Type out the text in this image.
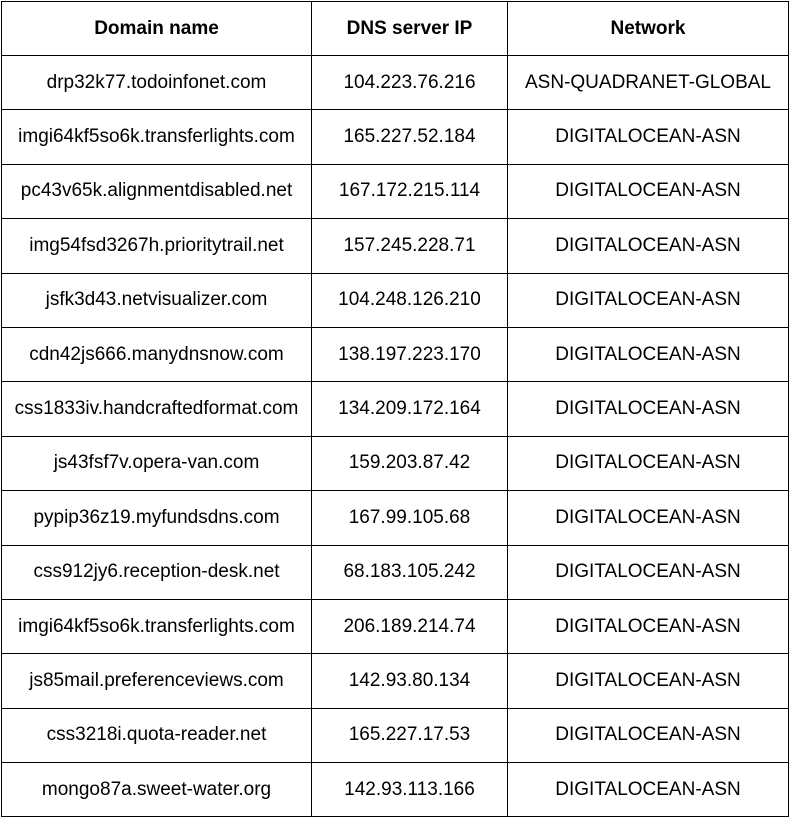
Domain name	DNS server IP	Network
drp32k77.todoinfonet.com	104.223.76.216	ASN-QUADRANET-GLOBAL
imgi64kf5so6k.transferlights.com	165.227.52.184	DIGITALOCEAN-ASN
pc43v65k.alignmentdisabled.net	167.172.215.114	DIGITALOCEAN-ASN
img54fsd3267h.prioritytrail.net	157.245.228.71	DIGITALOCEAN-ASN
jsfk3d43.netvisualizer.com	104.248.126.210	DIGITALOCEAN-ASN
cdn42js666.manydnsnow.com	138.197.223.170	DIGITALOCEAN-ASN
css1833iv.handcraftedformat.com	134.209.172.164	DIGITALOCEAN-ASN
js43fsf7v.opera-van.com	159.203.87.42	DIGITALOCEAN-ASN
pypip36z19.myfundsdns.com	167.99.105.68	DIGITALOCEAN-ASN
css912jy6.reception-desk.net	68.183.105.242	DIGITALOCEAN-ASN
imgi64kf5so6k.transferlights.com	206.189.214.74	DIGITALOCEAN-ASN
js85mail.preferenceviews.com	142.93.80.134	DIGITALOCEAN-ASN
css3218i.quota-reader.net	165.227.17.53	DIGITALOCEAN-ASN
mongo87a.sweet-water.org	142.93.113.166	DIGITALOCEAN-ASN
